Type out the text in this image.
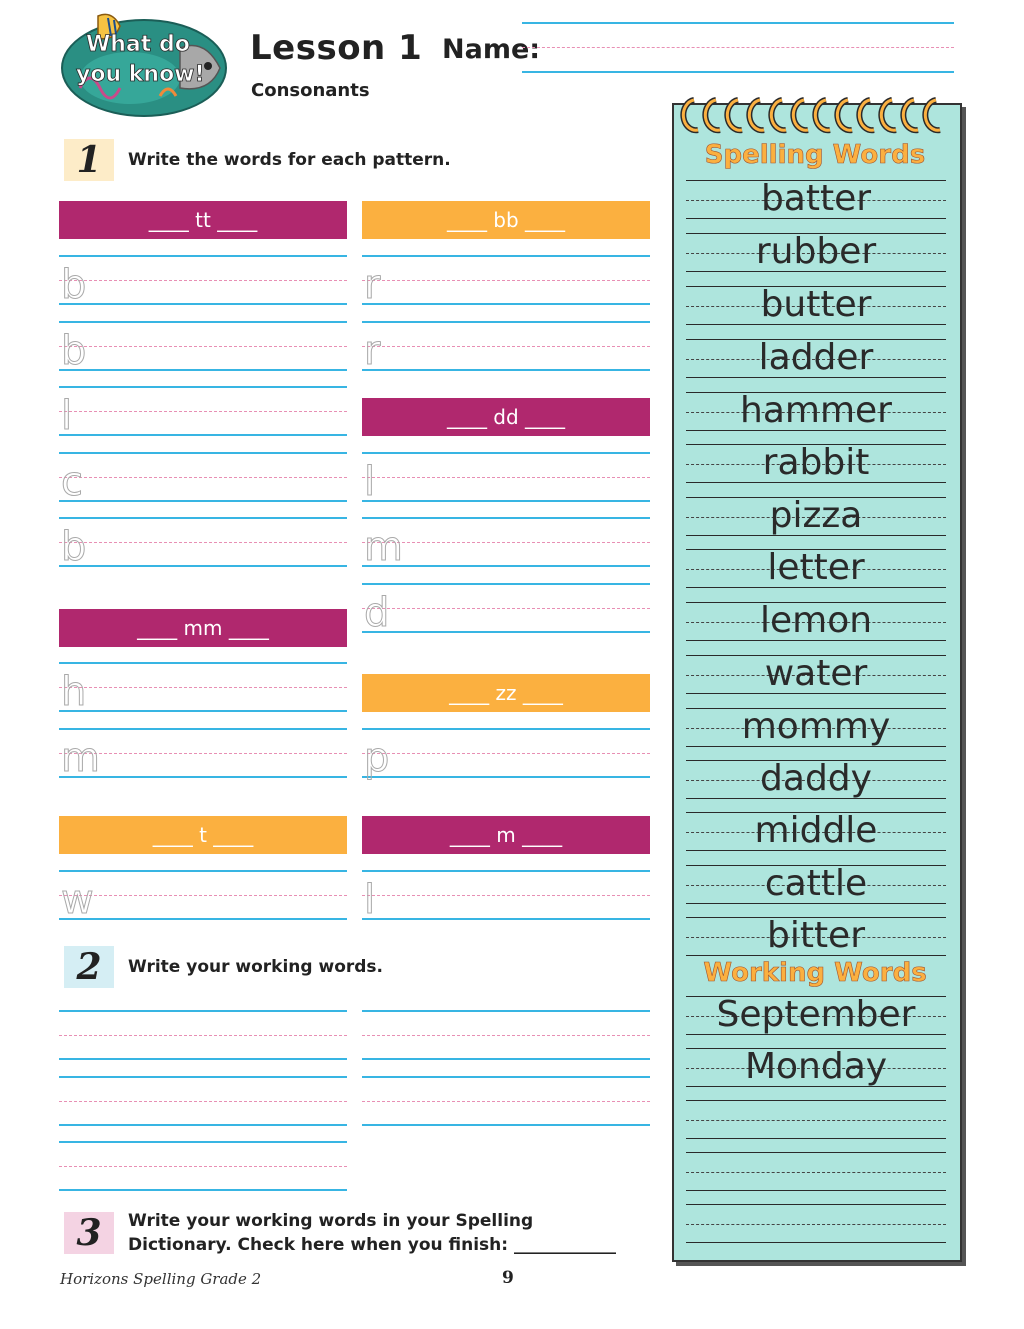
What do
you know!
Lesson 1
Consonants
Name:
1	Write the words for each pattern.
____ tt ____
b
b
l
c
b
____ mm ____
h
m
____ t ____
w
____ bb ____
r
r
____ dd ____
l
m
d
____ zz ____
p
____ m ____
l
2	Write your working words.
3	Write your working words in your Spelling
Dictionary. Check here when you finish: ____________
Spelling Words
batter
rubber
butter
ladder
hammer
rabbit
pizza
letter
lemon
water
mommy
daddy
middle
cattle
bitter
Working Words
September
Monday
Horizons Spelling Grade 2	9
